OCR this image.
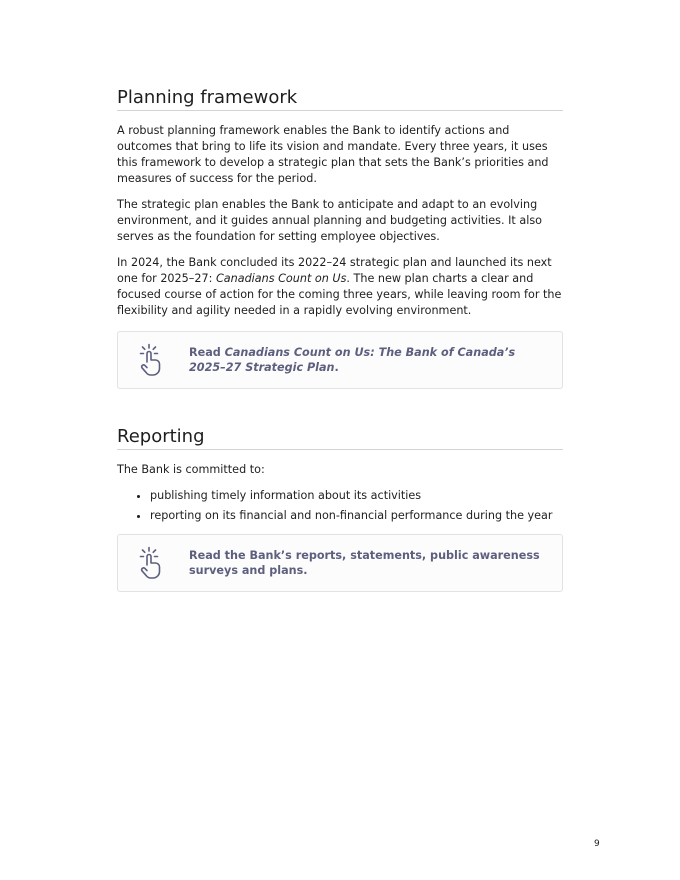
Planning framework

A robust planning framework enables the Bank to identify actions and outcomes that bring to life its vision and mandate. Every three years, it uses this framework to develop a strategic plan that sets the Bank’s priorities and measures of success for the period.

The strategic plan enables the Bank to anticipate and adapt to an evolving environment, and it guides annual planning and budgeting activities. It also serves as the foundation for setting employee objectives.

In 2024, the Bank concluded its 2022–24 strategic plan and launched its next one for 2025–27: Canadians Count on Us. The new plan charts a clear and focused course of action for the coming three years, while leaving room for the flexibility and agility needed in a rapidly evolving environment.

Read Canadians Count on Us: The Bank of Canada’s 2025–27 Strategic Plan.
Reporting

The Bank is committed to:

• publishing timely information about its activities
• reporting on its financial and non-financial performance during the year
Read the Bank’s reports, statements, public awareness surveys and plans.
9
